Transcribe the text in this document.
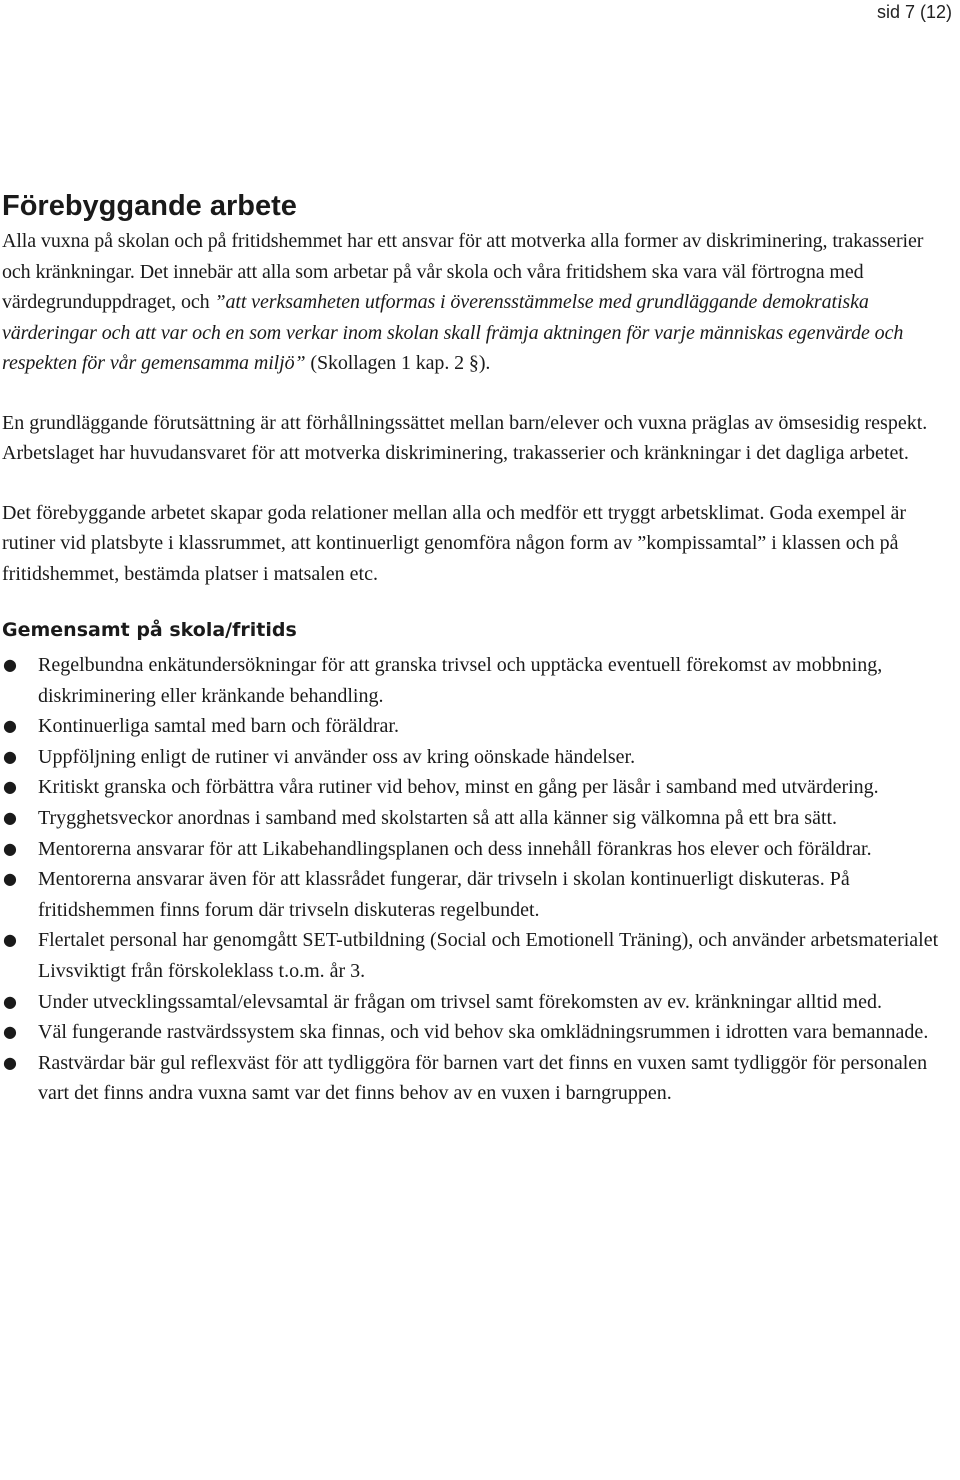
sid 7 (12)
Förebyggande arbete

Alla vuxna på skolan och på fritidshemmet har ett ansvar för att motverka alla former av diskriminering, trakasserier och kränkningar. Det innebär att alla som arbetar på vår skola och våra fritidshem ska vara väl förtrogna med värdegrunduppdraget, och ”att verksamheten utformas i överensstämmelse med grundläggande demokratiska värderingar och att var och en som verkar inom skolan skall främja aktningen för varje människas egenvärde och respekten för vår gemensamma miljö” (Skollagen 1 kap. 2 §).

En grundläggande förutsättning är att förhållningssättet mellan barn/elever och vuxna präglas av ömsesidig respekt. Arbetslaget har huvudansvaret för att motverka diskriminering, trakasserier och kränkningar i det dagliga arbetet.

Det förebyggande arbetet skapar goda relationer mellan alla och medför ett tryggt arbetsklimat. Goda exempel är rutiner vid platsbyte i klassrummet, att kontinuerligt genomföra någon form av ”kompissamtal” i klassen och på fritidshemmet, bestämda platser i matsalen etc.

Gemensamt på skola/fritids
●	Regelbundna enkätundersökningar för att granska trivsel och upptäcka eventuell förekomst av mobbning, diskriminering eller kränkande behandling.
●	Kontinuerliga samtal med barn och föräldrar.
●	Uppföljning enligt de rutiner vi använder oss av kring oönskade händelser.
●	Kritiskt granska och förbättra våra rutiner vid behov, minst en gång per läsår i samband med utvärdering.
●	Trygghetsveckor anordnas i samband med skolstarten så att alla känner sig välkomna på ett bra sätt.
●	Mentorerna ansvarar för att Likabehandlingsplanen och dess innehåll förankras hos elever och föräldrar.
●	Mentorerna ansvarar även för att klassrådet fungerar, där trivseln i skolan kontinuerligt diskuteras. På fritidshemmen finns forum där trivseln diskuteras regelbundet.
●	Flertalet personal har genomgått SET-utbildning (Social och Emotionell Träning), och använder arbetsmaterialet Livsviktigt från förskoleklass t.o.m. år 3.
●	Under utvecklingssamtal/elevsamtal är frågan om trivsel samt förekomsten av ev. kränkningar alltid med.
●	Väl fungerande rastvärdssystem ska finnas, och vid behov ska omklädningsrummen i idrotten vara bemannade.
●	Rastvärdar bär gul reflexväst för att tydliggöra för barnen vart det finns en vuxen samt tydliggör för personalen vart det finns andra vuxna samt var det finns behov av en vuxen i barngruppen.
